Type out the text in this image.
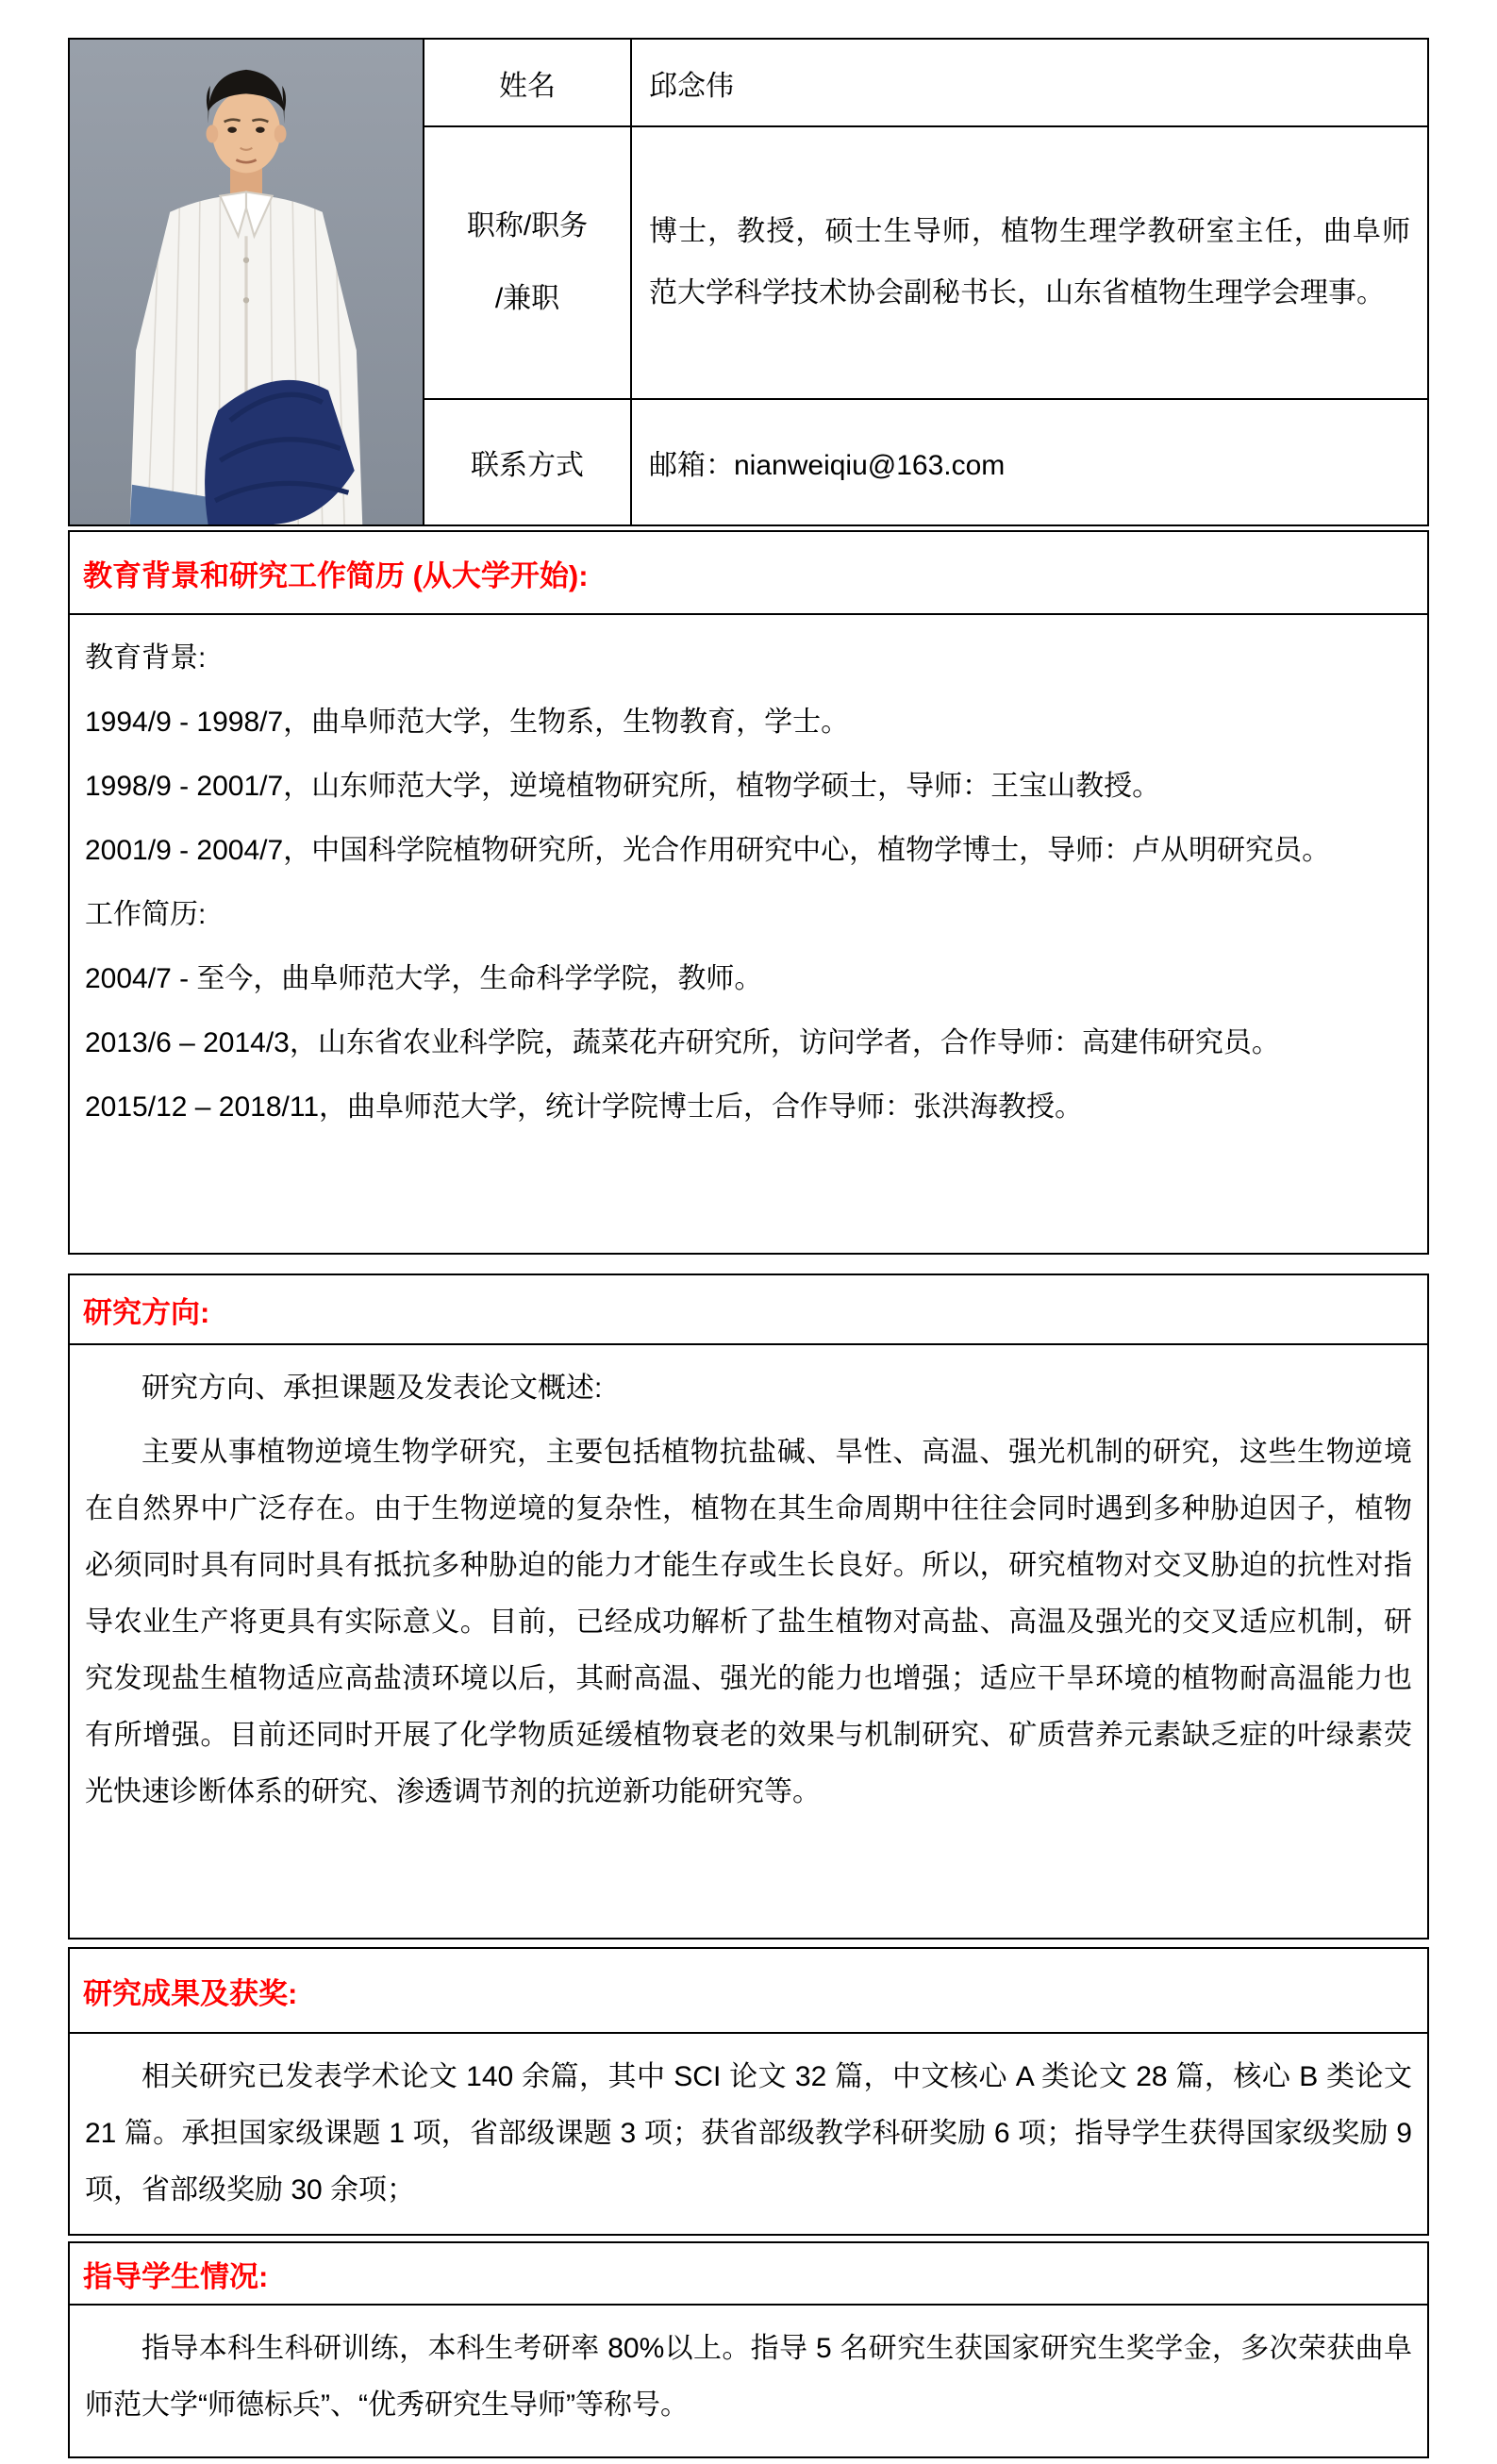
	姓名	邱念伟

	职称/职务
/兼职	博士，教授，硕士生导师，植物生理学教研室主任，曲阜师范大学科学技术协会副秘书长，山东省植物生理学会理事。
	联系方式	邮箱：nianweiqiu@163.com
教育背景和研究工作简历 (从大学开始):

教育背景:

1994/9 - 1998/7，曲阜师范大学，生物系，生物教育，学士。

1998/9 - 2001/7，山东师范大学，逆境植物研究所，植物学硕士，导师：王宝山教授。

2001/9 - 2004/7，中国科学院植物研究所，光合作用研究中心，植物学博士，导师：卢从明研究员。

工作简历:

2004/7 - 至今，曲阜师范大学，生命科学学院，教师。

2013/6 – 2014/3，山东省农业科学院，蔬菜花卉研究所，访问学者，合作导师：高建伟研究员。

2015/12 – 2018/11，曲阜师范大学，统计学院博士后，合作导师：张洪海教授。

研究方向:

研究方向、承担课题及发表论文概述:

主要从事植物逆境生物学研究，主要包括植物抗盐碱、旱性、高温、强光机制的研究，这些生物逆境在自然界中广泛存在。由于生物逆境的复杂性，植物在其生命周期中往往会同时遇到多种胁迫因子，植物必须同时具有同时具有抵抗多种胁迫的能力才能生存或生长良好。所以，研究植物对交叉胁迫的抗性对指导农业生产将更具有实际意义。目前，已经成功解析了盐生植物对高盐、高温及强光的交叉适应机制，研究发现盐生植物适应高盐渍环境以后，其耐高温、强光的能力也增强；适应干旱环境的植物耐高温能力也有所增强。目前还同时开展了化学物质延缓植物衰老的效果与机制研究、矿质营养元素缺乏症的叶绿素荧光快速诊断体系的研究、渗透调节剂的抗逆新功能研究等。

研究成果及获奖:

相关研究已发表学术论文 140 余篇，其中 SCI 论文 32 篇，中文核心 A 类论文 28 篇，核心 B 类论文 21 篇。承担国家级课题 1 项，省部级课题 3 项；获省部级教学科研奖励 6 项；指导学生获得国家级奖励 9 项，省部级奖励 30 余项；

指导学生情况:

指导本科生科研训练，本科生考研率 80%以上。指导 5 名研究生获国家研究生奖学金，多次荣获曲阜师范大学“师德标兵”、“优秀研究生导师”等称号。
